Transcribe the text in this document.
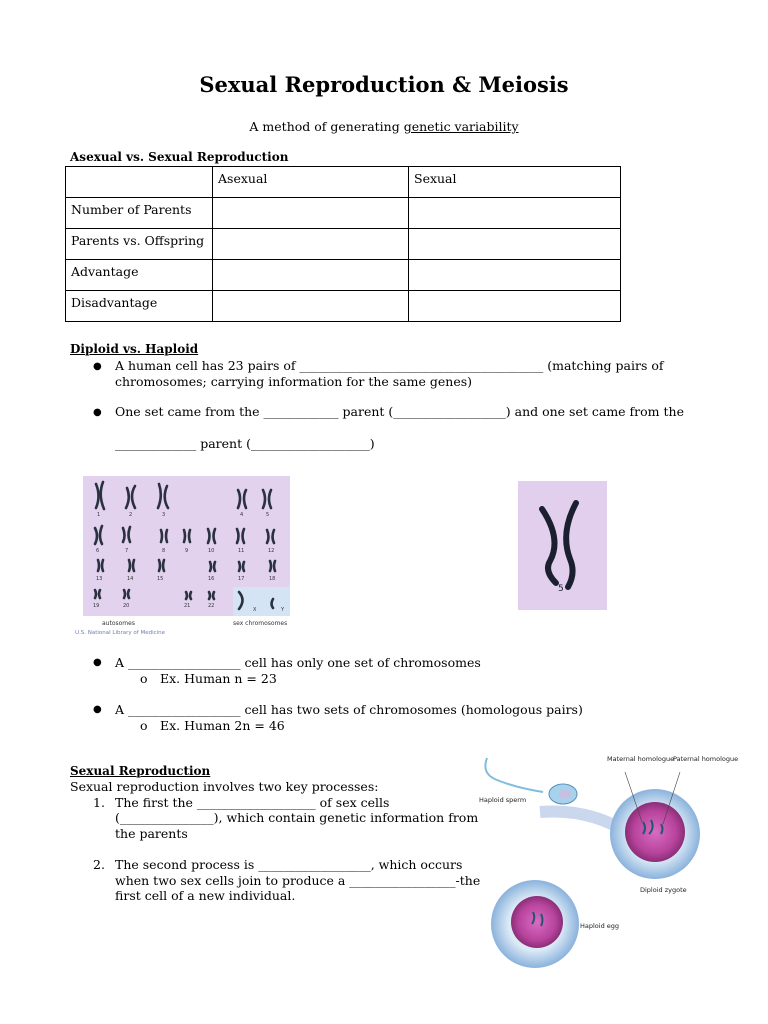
Sexual Reproduction & Meiosis
A method of generating genetic variability
Asexual vs. Sexual Reproduction
	Asexual	Sexual
Number of Parents		
Parents vs. Offspring		
Advantage		
Disadvantage		
Diploid vs. Haploid
● A human cell has 23 pairs of _______________________________________ (matching pairs of
chromosomes; carrying information for the same genes)
● One set came from the ____________ parent (__________________) and one set came from the
_____________ parent (___________________)
1	2	3	4	5
6	7	8	9	10	11	12
13	14	15	16	17	18
19	20	21	22
X	Y
autosomes	sex chromosomes
U.S. National Library of Medicine
5
● A __________________ cell has only one set of chromosomes
o Ex. Human n = 23
● A __________________ cell has two sets of chromosomes (homologous pairs)
o Ex. Human 2n = 46
Sexual Reproduction
Sexual reproduction involves two key processes:
1. The first the ___________________ of sex cells
(_______________), which contain genetic information from
the parents
2. The second process is __________________, which occurs
when two sex cells join to produce a _________________-the
first cell of a new individual.
Maternal homologue
Paternal homologue
Haploid sperm
Diploid zygote
Haploid egg
